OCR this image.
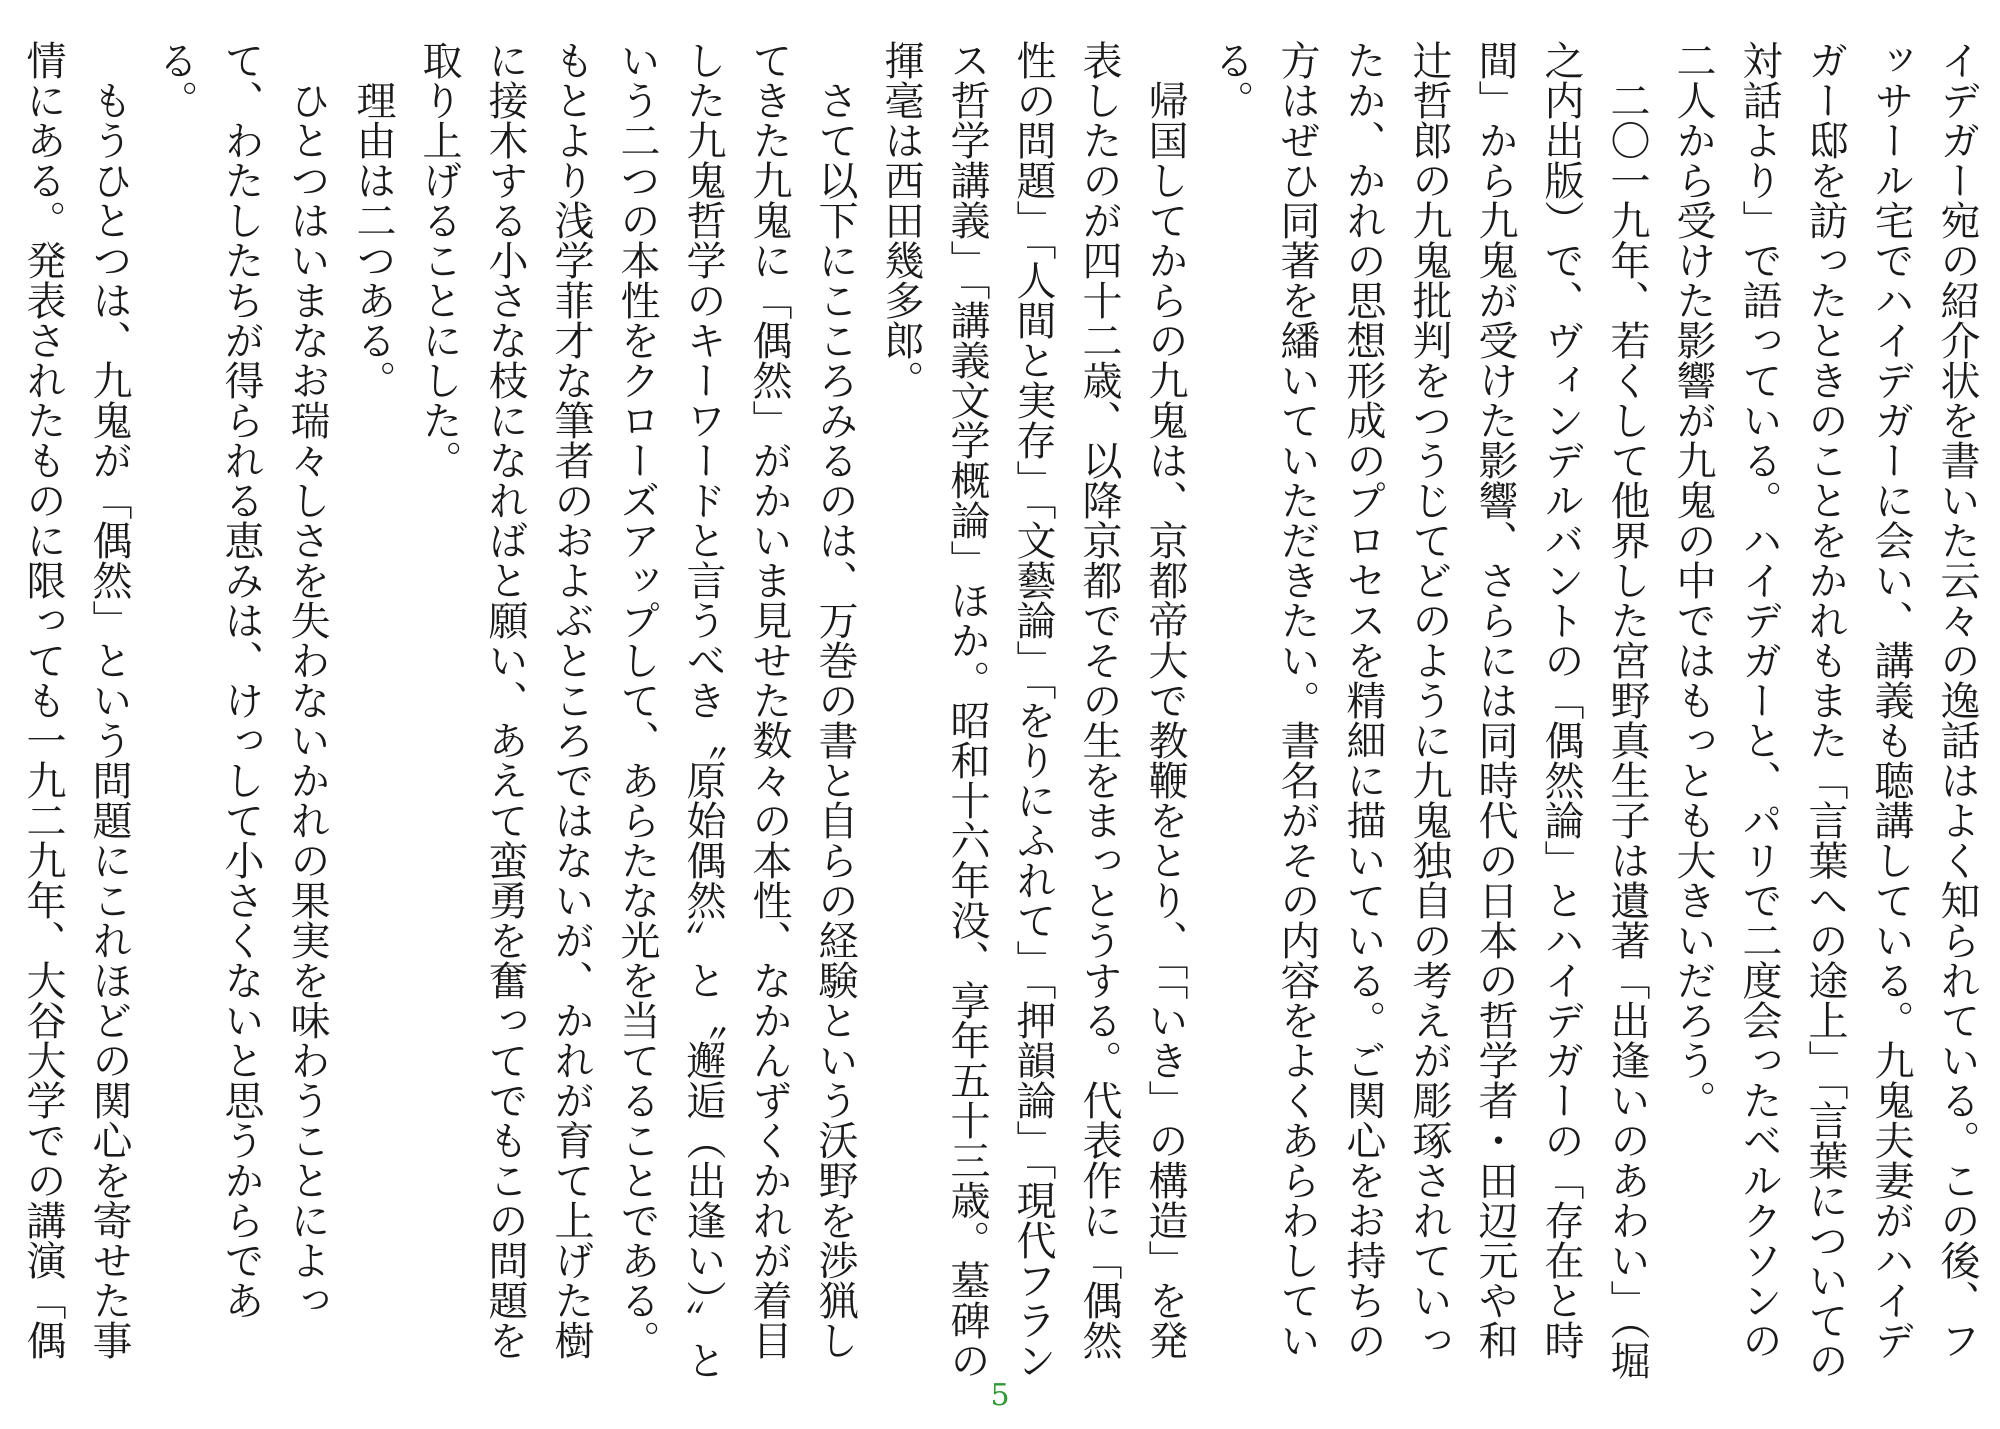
イデガー宛の紹介状を書いた云々の逸話はよく知られている。この後、フッサール宅でハイデガーに会い、講義も聴講している。九鬼夫妻がハイデガー邸を訪ったときのことをかれもまた「言葉への途上」「言葉についての対話より」で語っている。ハイデガーと、パリで二度会ったベルクソンの二人から受けた影響が九鬼の中ではもっとも大きいだろう。

二〇一九年、若くして他界した宮野真生子は遺著「出逢いのあわい」（堀之内出版）で、ヴィンデルバントの「偶然論」とハイデガーの「存在と時間」から九鬼が受けた影響、さらには同時代の日本の哲学者・田辺元や和辻哲郎の九鬼批判をつうじてどのように九鬼独自の考えが彫琢されていったか、かれの思想形成のプロセスを精細に描いている。ご関心をお持ちの方はぜひ同著を繙いていただきたい。書名がその内容をよくあらわしている。

帰国してからの九鬼は、京都帝大で教鞭をとり、「「いき」の構造」を発表したのが四十二歳、以降京都でその生をまっとうする。代表作に「偶然性の問題」「人間と実存」「文藝論」「をりにふれて」「押韻論」「現代フランス哲学講義」「講義文学概論」ほか。昭和十六年没、享年五十三歳。墓碑の揮毫は西田幾多郎。

さて以下にこころみるのは、万巻の書と自らの経験という沃野を渉猟してきた九鬼に「偶然」がかいま見せた数々の本性、なかんずくかれが着目した九鬼哲学のキーワードと言うべき〝原始偶然〟と〝邂逅（出逢い）〟という二つの本性をクローズアップして、あらたな光を当てることである。もとより浅学菲才な筆者のおよぶところではないが、かれが育て上げた樹に接木する小さな枝になればと願い、あえて蛮勇を奮ってでもこの問題を取り上げることにした。

理由は二つある。

ひとつはいまなお瑞々しさを失わないかれの果実を味わうことによって、わたしたちが得られる恵みは、けっして小さくないと思うからである。

もうひとつは、九鬼が「偶然」という問題にこれほどの関心を寄せた事情にある。発表されたものに限っても一九二九年、大谷大学での講演「偶

5
